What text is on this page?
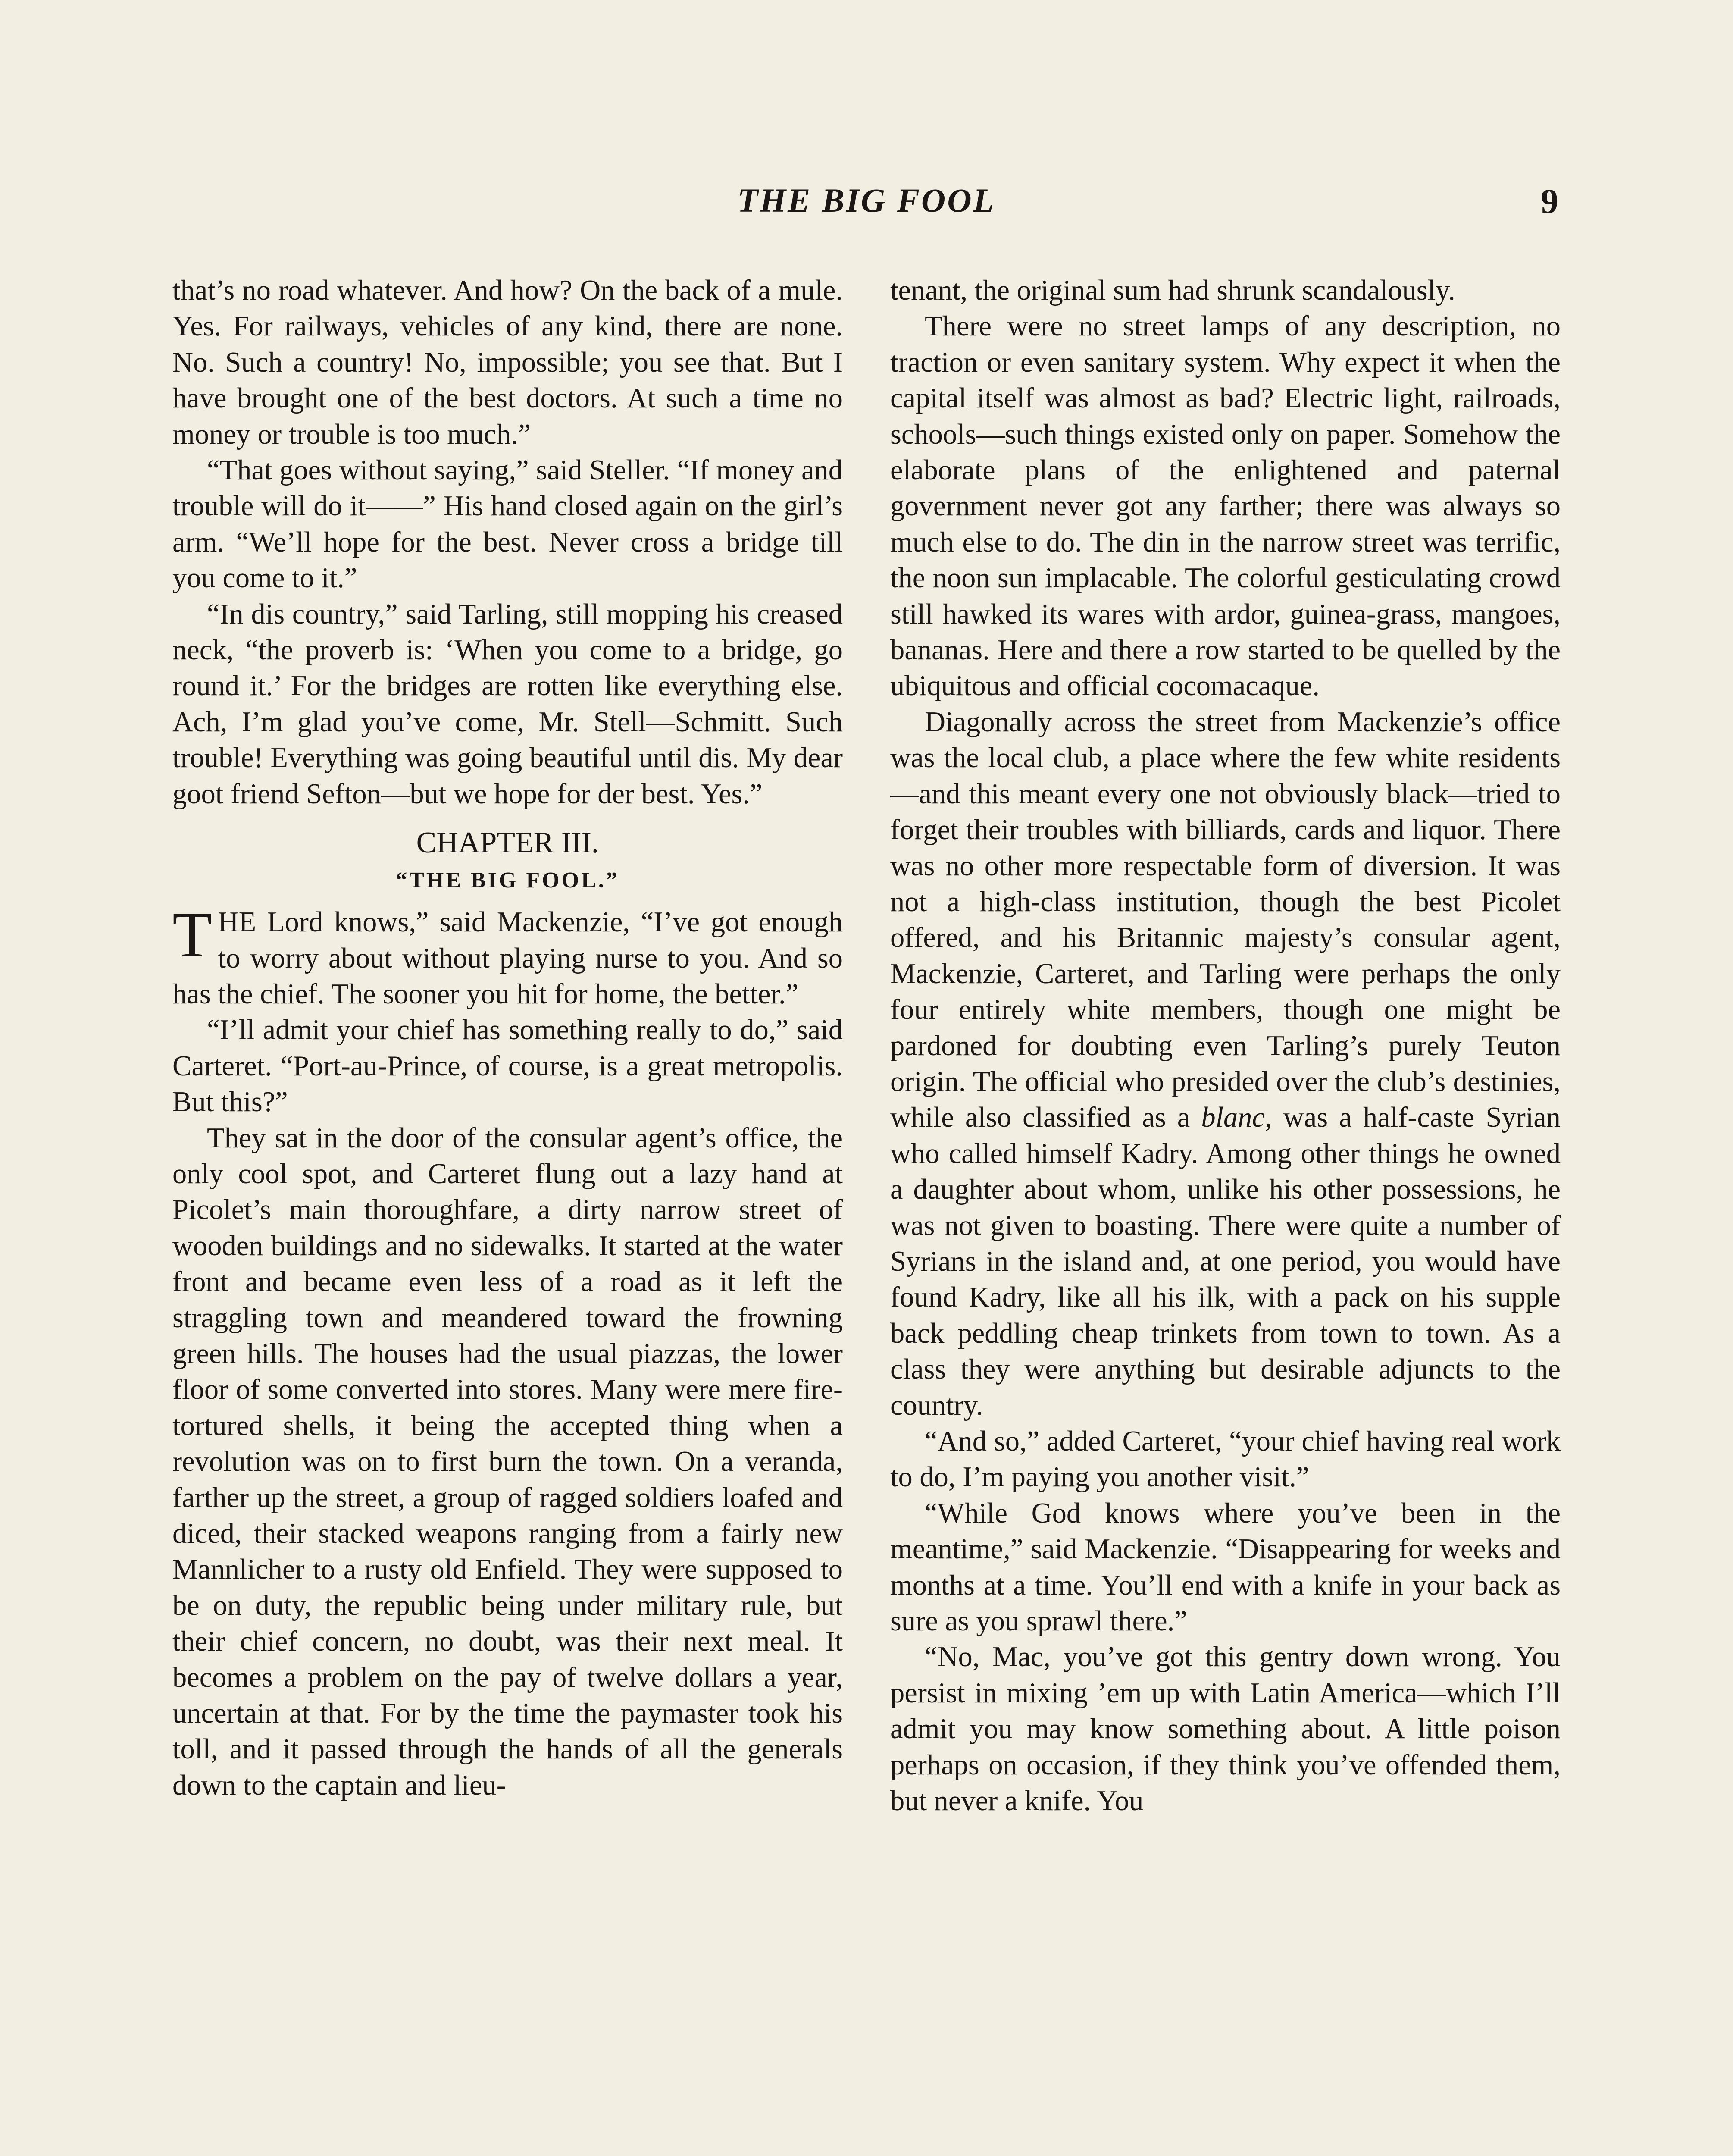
THE BIG FOOL	9

that’s no road whatever. And how? On the back of a mule. Yes. For railways, vehicles of any kind, there are none. No. Such a country! No, impossible; you see that. But I have brought one of the best doctors. At such a time no money or trouble is too much.”

“That goes without saying,” said Steller. “If money and trouble will do it——” His hand closed again on the girl’s arm. “We’ll hope for the best. Never cross a bridge till you come to it.”

“In dis country,” said Tarling, still mopping his creased neck, “the proverb is: ‘When you come to a bridge, go round it.’ For the bridges are rotten like everything else. Ach, I’m glad you’ve come, Mr. Stell—Schmitt. Such trouble! Everything was going beautiful until dis. My dear goot friend Sefton—but we hope for der best. Yes.”

CHAPTER III.
“THE BIG FOOL.”

THE Lord knows,” said Mackenzie, “I’ve got enough to worry about without playing nurse to you. And so has the chief. The sooner you hit for home, the better.”

“I’ll admit your chief has something really to do,” said Carteret. “Port-au-Prince, of course, is a great metropolis. But this?”

They sat in the door of the consular agent’s office, the only cool spot, and Carteret flung out a lazy hand at Picolet’s main thoroughfare, a dirty narrow street of wooden buildings and no sidewalks. It started at the water front and became even less of a road as it left the straggling town and meandered toward the frowning green hills. The houses had the usual piazzas, the lower floor of some converted into stores. Many were mere fire-tortured shells, it being the accepted thing when a revolution was on to first burn the town. On a veranda, farther up the street, a group of ragged soldiers loafed and diced, their stacked weapons ranging from a fairly new Mannlicher to a rusty old Enfield. They were supposed to be on duty, the republic being under military rule, but their chief concern, no doubt, was their next meal. It becomes a problem on the pay of twelve dollars a year, uncertain at that. For by the time the paymaster took his toll, and it passed through the hands of all the generals down to the captain and lieu-

tenant, the original sum had shrunk scandalously.

There were no street lamps of any description, no traction or even sanitary system. Why expect it when the capital itself was almost as bad? Electric light, railroads, schools—such things existed only on paper. Somehow the elaborate plans of the enlightened and paternal government never got any farther; there was always so much else to do. The din in the narrow street was terrific, the noon sun implacable. The colorful gesticulating crowd still hawked its wares with ardor, guinea-grass, mangoes, bananas. Here and there a row started to be quelled by the ubiquitous and official cocomacaque.

Diagonally across the street from Mackenzie’s office was the local club, a place where the few white residents—and this meant every one not obviously black—tried to forget their troubles with billiards, cards and liquor. There was no other more respectable form of diversion. It was not a high-class institution, though the best Picolet offered, and his Britannic majesty’s consular agent, Mackenzie, Carteret, and Tarling were perhaps the only four entirely white members, though one might be pardoned for doubting even Tarling’s purely Teuton origin. The official who presided over the club’s destinies, while also classified as a blanc, was a half-caste Syrian who called himself Kadry. Among other things he owned a daughter about whom, unlike his other possessions, he was not given to boasting. There were quite a number of Syrians in the island and, at one period, you would have found Kadry, like all his ilk, with a pack on his supple back peddling cheap trinkets from town to town. As a class they were anything but desirable adjuncts to the country.

“And so,” added Carteret, “your chief having real work to do, I’m paying you another visit.”

“While God knows where you’ve been in the meantime,” said Mackenzie. “Disappearing for weeks and months at a time. You’ll end with a knife in your back as sure as you sprawl there.”

“No, Mac, you’ve got this gentry down wrong. You persist in mixing ’em up with Latin America—which I’ll admit you may know something about. A little poison perhaps on occasion, if they think you’ve offended them, but never a knife. You
